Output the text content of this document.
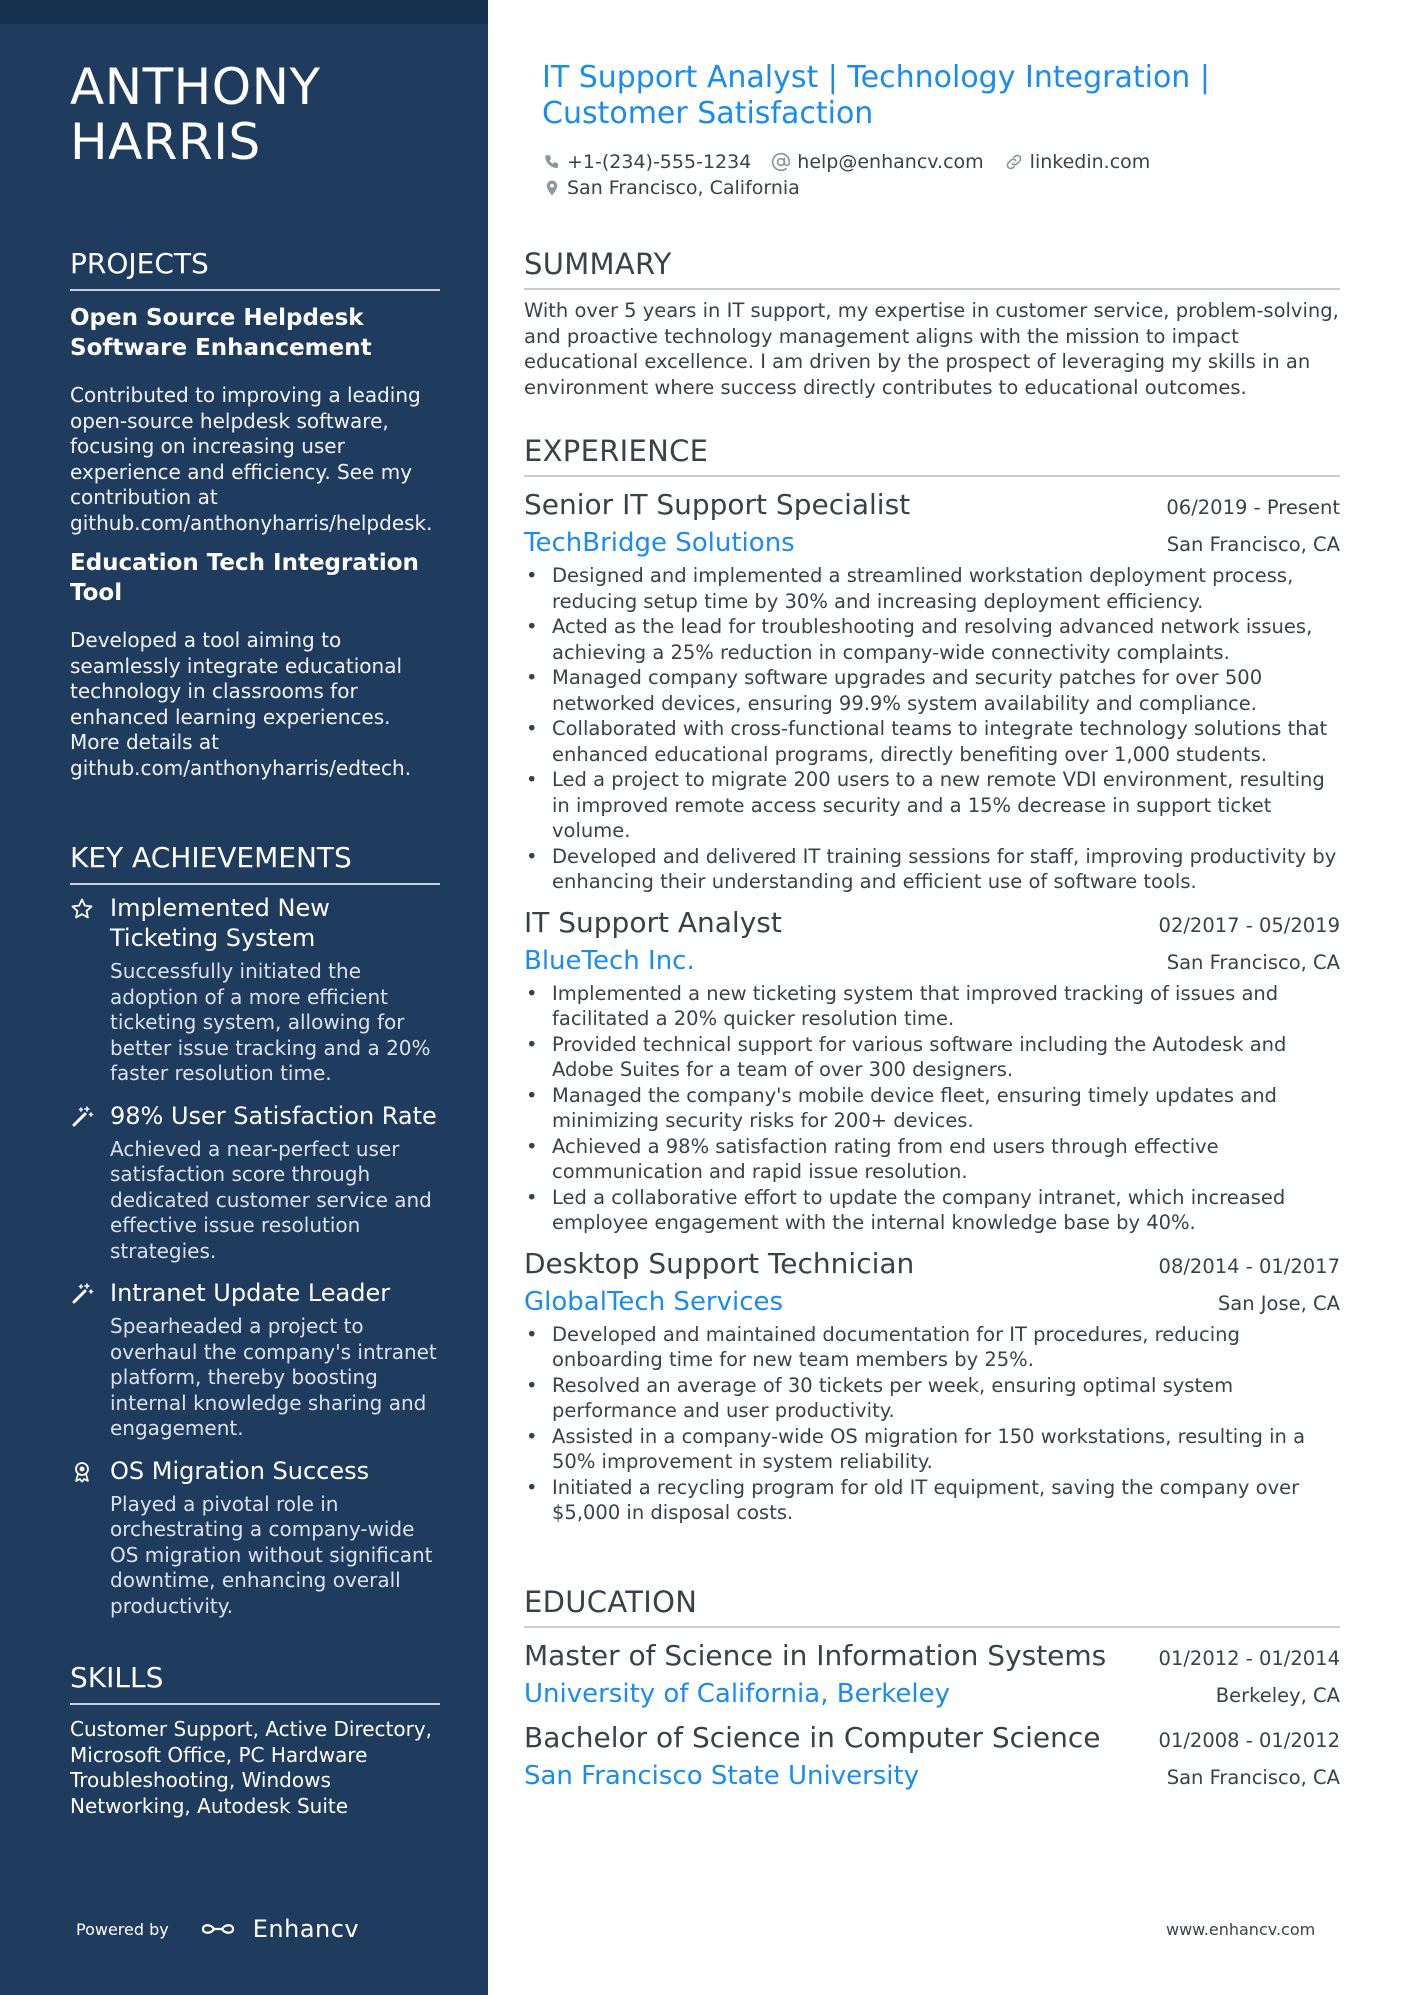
ANTHONY
HARRIS
PROJECTS
Open Source Helpdesk Software Enhancement
Contributed to improving a leading open-source helpdesk software, focusing on increasing user experience and efficiency. See my contribution at github.com/anthonyharris/helpdesk.
Education Tech Integration Tool
Developed a tool aiming to seamlessly integrate educational technology in classrooms for enhanced learning experiences. More details at github.com/anthonyharris/edtech.
KEY ACHIEVEMENTS
Implemented New Ticketing System
Successfully initiated the adoption of a more efficient ticketing system, allowing for better issue tracking and a 20% faster resolution time.
98% User Satisfaction Rate
Achieved a near-perfect user satisfaction score through dedicated customer service and effective issue resolution strategies.
Intranet Update Leader
Spearheaded a project to overhaul the company's intranet platform, thereby boosting internal knowledge sharing and engagement.
OS Migration Success
Played a pivotal role in orchestrating a company-wide OS migration without significant downtime, enhancing overall productivity.
SKILLS
Customer Support, Active Directory, Microsoft Office, PC Hardware Troubleshooting, Windows Networking, Autodesk Suite
Powered by	Enhancv
IT Support Analyst | Technology Integration |
Customer Satisfaction
+1-(234)-555-1234 help@enhancv.com linkedin.com
San Francisco, California
SUMMARY
With over 5 years in IT support, my expertise in customer service, problem-solving, and proactive technology management aligns with the mission to impact educational excellence. I am driven by the prospect of leveraging my skills in an environment where success directly contributes to educational outcomes.
EXPERIENCE
Senior IT Support Specialist	06/2019 - Present
TechBridge Solutions	San Francisco, CA
• Designed and implemented a streamlined workstation deployment process, reducing setup time by 30% and increasing deployment efficiency.
• Acted as the lead for troubleshooting and resolving advanced network issues, achieving a 25% reduction in company-wide connectivity complaints.
• Managed company software upgrades and security patches for over 500 networked devices, ensuring 99.9% system availability and compliance.
• Collaborated with cross-functional teams to integrate technology solutions that enhanced educational programs, directly benefiting over 1,000 students.
• Led a project to migrate 200 users to a new remote VDI environment, resulting in improved remote access security and a 15% decrease in support ticket volume.
• Developed and delivered IT training sessions for staff, improving productivity by enhancing their understanding and efficient use of software tools.
IT Support Analyst	02/2017 - 05/2019
BlueTech Inc.	San Francisco, CA
• Implemented a new ticketing system that improved tracking of issues and facilitated a 20% quicker resolution time.
• Provided technical support for various software including the Autodesk and Adobe Suites for a team of over 300 designers.
• Managed the company's mobile device fleet, ensuring timely updates and minimizing security risks for 200+ devices.
• Achieved a 98% satisfaction rating from end users through effective communication and rapid issue resolution.
• Led a collaborative effort to update the company intranet, which increased employee engagement with the internal knowledge base by 40%.
Desktop Support Technician	08/2014 - 01/2017
GlobalTech Services	San Jose, CA
• Developed and maintained documentation for IT procedures, reducing onboarding time for new team members by 25%.
• Resolved an average of 30 tickets per week, ensuring optimal system performance and user productivity.
• Assisted in a company-wide OS migration for 150 workstations, resulting in a 50% improvement in system reliability.
• Initiated a recycling program for old IT equipment, saving the company over $5,000 in disposal costs.
EDUCATION
Master of Science in Information Systems	01/2012 - 01/2014
University of California, Berkeley	Berkeley, CA
Bachelor of Science in Computer Science	01/2008 - 01/2012
San Francisco State University	San Francisco, CA
www.enhancv.com
